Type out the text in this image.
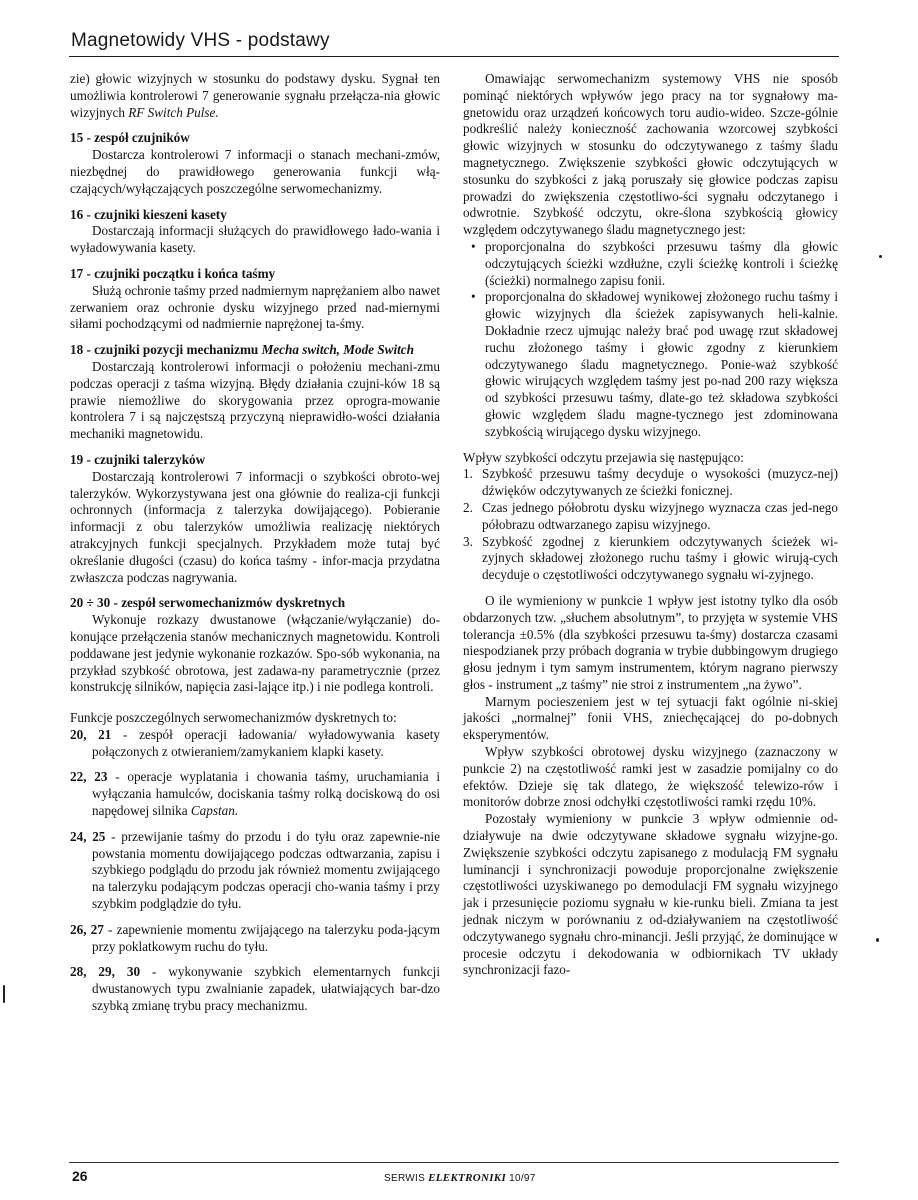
Magnetowidy VHS - podstawy

zie) głowic wizyjnych w stosunku do podstawy dysku. Sygnał ten umożliwia kontrolerowi 7 generowanie sygnału przełącza-nia głowic wizyjnych RF Switch Pulse.

15 - zespół czujników

Dostarcza kontrolerowi 7 informacji o stanach mechani-zmów, niezbędnej do prawidłowego generowania funkcji włą-czających/wyłączających poszczególne serwomechanizmy.

16 - czujniki kieszeni kasety

Dostarczają informacji służących do prawidłowego łado-wania i wyładowywania kasety.

17 - czujniki początku i końca taśmy

Służą ochronie taśmy przed nadmiernym naprężaniem albo nawet zerwaniem oraz ochronie dysku wizyjnego przed nad-miernymi siłami pochodzącymi od nadmiernie naprężonej ta-śmy.

18 - czujniki pozycji mechanizmu Mecha switch, Mode Switch

Dostarczają kontrolerowi informacji o położeniu mechani-zmu podczas operacji z taśma wizyjną. Błędy działania czujni-ków 18 są prawie niemożliwe do skorygowania przez oprogra-mowanie kontrolera 7 i są najczęstszą przyczyną nieprawidło-wości działania mechaniki magnetowidu.

19 - czujniki talerzyków

Dostarczają kontrolerowi 7 informacji o szybkości obroto-wej talerzyków. Wykorzystywana jest ona głównie do realiza-cji funkcji ochronnych (informacja z talerzyka dowijającego). Pobieranie informacji z obu talerzyków umożliwia realizację niektórych atrakcyjnych funkcji specjalnych. Przykładem może tutaj być określanie długości (czasu) do końca taśmy - infor-macja przydatna zwłaszcza podczas nagrywania.

20 ÷ 30 - zespół serwomechanizmów dyskretnych

Wykonuje rozkazy dwustanowe (włączanie/wyłączanie) do-konujące przełączenia stanów mechanicznych magnetowidu. Kontroli poddawane jest jedynie wykonanie rozkazów. Spo-sób wykonania, na przykład szybkość obrotowa, jest zadawa-ny parametrycznie (przez konstrukcję silników, napięcia zasi-lające itp.) i nie podlega kontroli.

Funkcje poszczególnych serwomechanizmów dyskretnych to:

20, 21 - zespół operacji ładowania/ wyładowywania kasety połączonych z otwieraniem/zamykaniem klapki kasety.

22, 23 - operacje wyplatania i chowania taśmy, uruchamiania i wyłączania hamulców, dociskania taśmy rolką dociskową do osi napędowej silnika Capstan.

24, 25 - przewijanie taśmy do przodu i do tyłu oraz zapewnie-nie powstania momentu dowijającego podczas odtwarzania, zapisu i szybkiego podglądu do przodu jak również momentu zwijającego na talerzyku podającym podczas operacji cho-wania taśmy i przy szybkim podglądzie do tyłu.

26, 27 - zapewnienie momentu zwijającego na talerzyku poda-jącym przy poklatkowym ruchu do tyłu.

28, 29, 30 - wykonywanie szybkich elementarnych funkcji dwustanowych typu zwalnianie zapadek, ułatwiających bar-dzo szybką zmianę trybu pracy mechanizmu.

Omawiając serwomechanizm systemowy VHS nie sposób pominąć niektórych wpływów jego pracy na tor sygnałowy ma-gnetowidu oraz urządzeń końcowych toru audio-wideo. Szcze-gólnie podkreślić należy konieczność zachowania wzorcowej szybkości głowic wizyjnych w stosunku do odczytywanego z taśmy śladu magnetycznego. Zwiększenie szybkości głowic odczytujących w stosunku do szybkości z jaką poruszały się głowice podczas zapisu prowadzi do zwiększenia częstotliwo-ści sygnału odczytanego i odwrotnie. Szybkość odczytu, okre-ślona szybkością głowicy względem odczytywanego śladu magnetycznego jest:

• proporcjonalna do szybkości przesuwu taśmy dla głowic odczytujących ścieżki wzdłużne, czyli ścieżkę kontroli i ścieżkę (ścieżki) normalnego zapisu fonii.
• proporcjonalna do składowej wynikowej złożonego ruchu taśmy i głowic wizyjnych dla ścieżek zapisywanych heli-kalnie. Dokładnie rzecz ujmując należy brać pod uwagę rzut składowej ruchu złożonego taśmy i głowic zgodny z kierunkiem odczytywanego śladu magnetycznego. Ponie-waż szybkość głowic wirujących względem taśmy jest po-nad 200 razy większa od szybkości przesuwu taśmy, dlate-go też składowa szybkości głowic względem śladu magne-tycznego jest zdominowana szybkością wirującego dysku wizyjnego.

Wpływ szybkości odczytu przejawia się następująco:

1. Szybkość przesuwu taśmy decyduje o wysokości (muzycz-nej) dźwięków odczytywanych ze ścieżki fonicznej.
2. Czas jednego półobrotu dysku wizyjnego wyznacza czas jed-nego półobrazu odtwarzanego zapisu wizyjnego.
3. Szybkość zgodnej z kierunkiem odczytywanych ścieżek wi-zyjnych składowej złożonego ruchu taśmy i głowic wirują-cych decyduje o częstotliwości odczytywanego sygnału wi-zyjnego.

O ile wymieniony w punkcie 1 wpływ jest istotny tylko dla osób obdarzonych tzw. „słuchem absolutnym”, to przyjęta w systemie VHS tolerancja ±0.5% (dla szybkości przesuwu ta-śmy) dostarcza czasami niespodzianek przy próbach dogrania w trybie dubbingowym drugiego głosu jednym i tym samym instrumentem, którym nagrano pierwszy głos - instrument „z taśmy” nie stroi z instrumentem „na żywo”.

Marnym pocieszeniem jest w tej sytuacji fakt ogólnie ni-skiej jakości „normalnej” fonii VHS, zniechęcającej do po-dobnych eksperymentów.

Wpływ szybkości obrotowej dysku wizyjnego (zaznaczony w punkcie 2) na częstotliwość ramki jest w zasadzie pomijalny co do efektów. Dzieje się tak dlatego, że większość telewizo-rów i monitorów dobrze znosi odchyłki częstotliwości ramki rzędu 10%.

Pozostały wymieniony w punkcie 3 wpływ odmiennie od-działywuje na dwie odczytywane składowe sygnału wizyjne-go. Zwiększenie szybkości odczytu zapisanego z modulacją FM sygnału luminancji i synchronizacji powoduje proporcjonalne zwiększenie częstotliwości uzyskiwanego po demodulacji FM sygnału wizyjnego jak i przesunięcie poziomu sygnału w kie-runku bieli. Zmiana ta jest jednak niczym w porównaniu z od-działywaniem na częstotliwość odczytywanego sygnału chro-minancji. Jeśli przyjąć, że dominujące w procesie odczytu i dekodowania w odbiornikach TV układy synchronizacji fazo-

26	SERWIS ELEKTRONIKI 10/97
